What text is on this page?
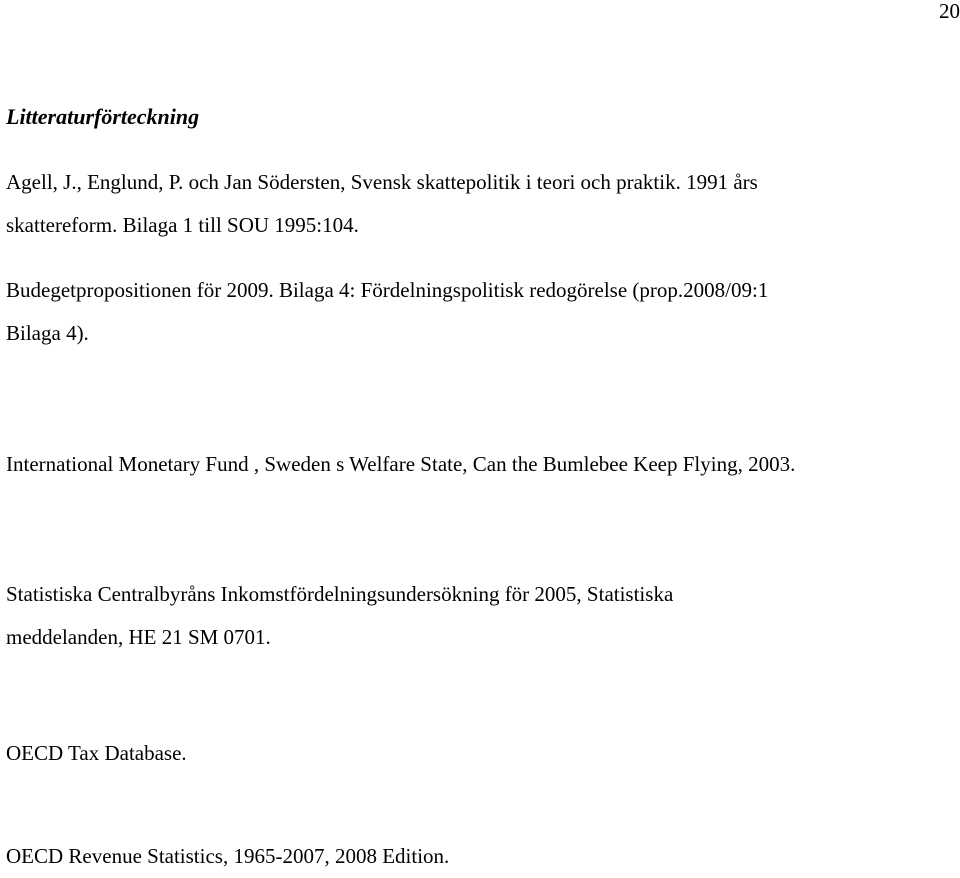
20
Litteraturförteckning

Agell, J., Englund, P. och Jan Södersten, Svensk skattepolitik i teori och praktik. 1991 års
skattereform. Bilaga 1 till SOU 1995:104.

Budegetpropositionen för 2009. Bilaga 4: Fördelningspolitisk redogörelse (prop.2008/09:1
Bilaga 4).

International Monetary Fund , Sweden s Welfare State, Can the Bumlebee Keep Flying, 2003.

Statistiska Centralbyråns Inkomstfördelningsundersökning för 2005, Statistiska
meddelanden, HE 21 SM 0701.

OECD Tax Database.

OECD Revenue Statistics, 1965-2007, 2008 Edition.
